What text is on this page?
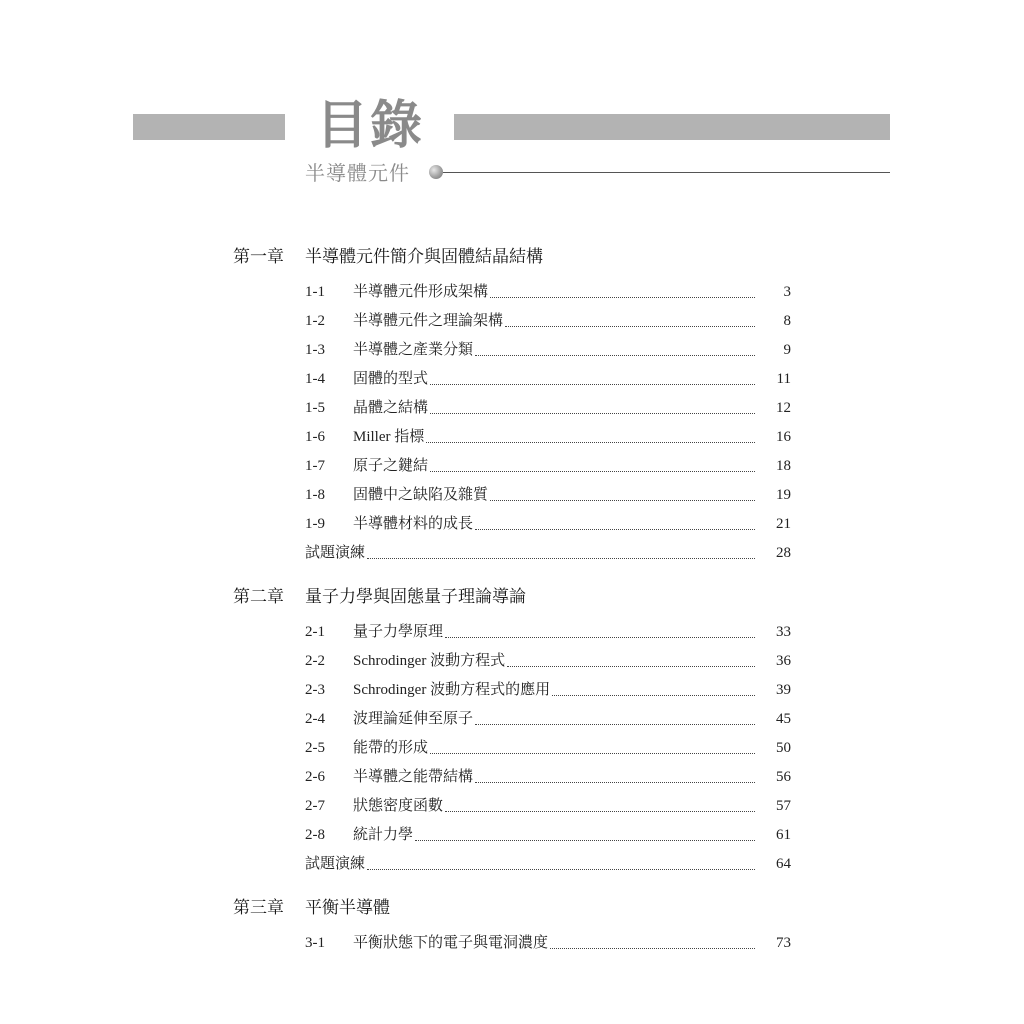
目錄
半導體元件
第一章 半導體元件簡介與固體結晶結構
1-1	半導體元件形成架構	3
1-2	半導體元件之理論架構	8
1-3	半導體之產業分類	9
1-4	固體的型式	11
1-5	晶體之結構	12
1-6	Miller 指標	16
1-7	原子之鍵結	18
1-8	固體中之缺陷及雜質	19
1-9	半導體材料的成長	21
試題演練	28
第二章 量子力學與固態量子理論導論
2-1	量子力學原理	33
2-2	Schrodinger 波動方程式	36
2-3	Schrodinger 波動方程式的應用	39
2-4	波理論延伸至原子	45
2-5	能帶的形成	50
2-6	半導體之能帶結構	56
2-7	狀態密度函數	57
2-8	統計力學	61
試題演練	64
第三章 平衡半導體
3-1	平衡狀態下的電子與電洞濃度	73
